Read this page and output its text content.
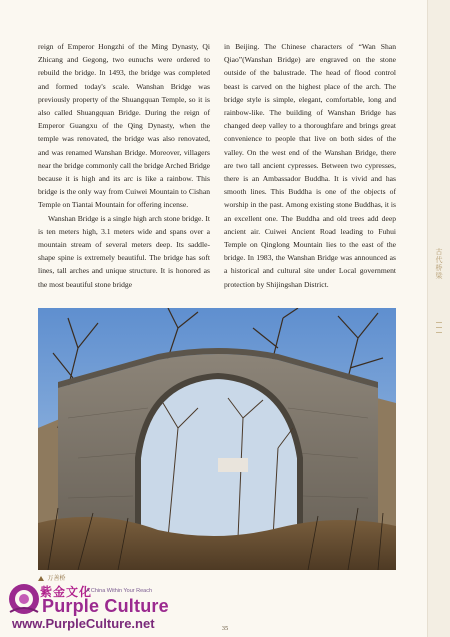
古代桥梁

reign of Emperor Hongzhi of the Ming Dynasty, Qi Zhicang and Gegong, two eunuchs were ordered to rebuild the bridge. In 1493, the bridge was completed and formed today's scale. Wanshan Bridge was previously property of the Shuangquan Temple, so it is also called Shuangquan Bridge. During the reign of Emperor Guangxu of the Qing Dynasty, when the temple was renovated, the bridge was also renovated, and was renamed Wanshan Bridge. Moreover, villagers near the bridge commonly call the bridge Arched Bridge because it is high and its arc is like a rainbow. This bridge is the only way from Cuiwei Mountain to Cishan Temple on Tiantai Mountain for offering incense.

Wanshan Bridge is a single high arch stone bridge. It is ten meters high, 3.1 meters wide and spans over a mountain stream of several meters deep. Its saddle-shape spine is extremely beautiful. The bridge has soft lines, tall arches and unique structure. It is honored as the most beautiful stone bridge

in Beijing. The Chinese characters of “Wan Shan Qiao”(Wanshan Bridge) are engraved on the stone outside of the balustrade. The head of flood control beast is carved on the highest place of the arch. The bridge style is simple, elegant, comfortable, long and rainbow-like. The building of Wanshan Bridge has changed deep valley to a thoroughfare and brings great convenience to people that live on both sides of the valley. On the west end of the Wanshan Bridge, there are two tall ancient cypresses. Between two cypresses, there is an Ambassador Buddha. It is vivid and has smooth lines. This Buddha is one of the objects of worship in the past. Among existing stone Buddhas, it is an excellent one. The Buddha and old trees add deep ancient air. Cuiwei Ancient Road leading to Fuhui Temple on Qinglong Mountain lies to the east of the bridge. In 1983, the Wanshan Bridge was announced as a historical and cultural site under Local government protection by Shijingshan District.

万善桥
紫金文化
A China Within Your Reach
Purple Culture
www.PurpleCulture.net	35
